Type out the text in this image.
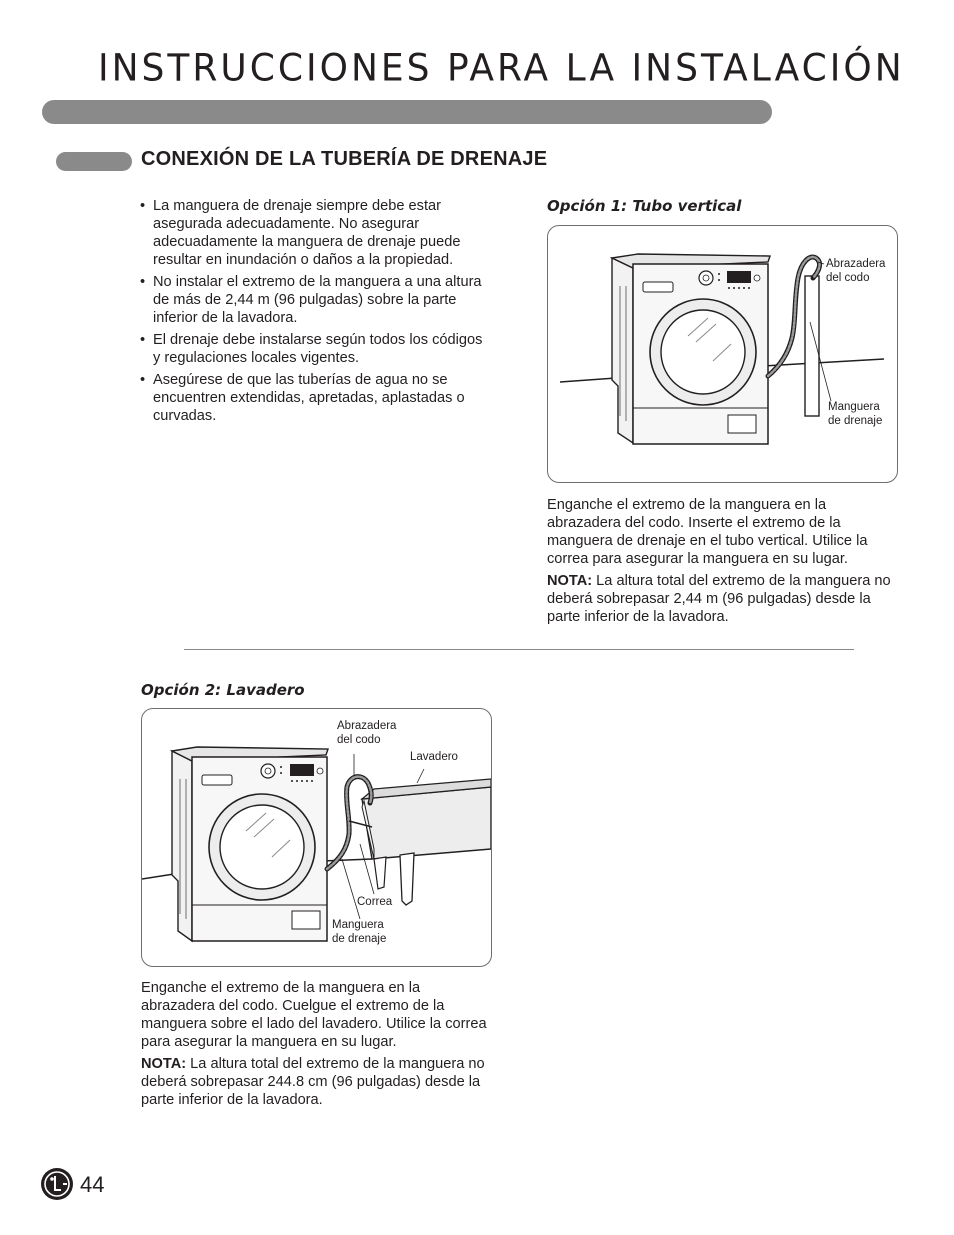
INSTRUCCIONES PARA LA INSTALACIÓN
CONEXIÓN DE LA TUBERÍA DE DRENAJE
• La manguera de drenaje siempre debe estar asegurada adecuadamente. No asegurar adecuadamente la manguera de drenaje puede resultar en inundación o daños a la propiedad.
• No instalar el extremo de la manguera a una altura de más de 2,44 m (96 pulgadas) sobre la parte inferior de la lavadora.
• El drenaje debe instalarse según todos los códigos y regulaciones locales vigentes.
• Asegúrese de que las tuberías de agua no se encuentren extendidas, apretadas, aplastadas o curvadas.
Opción 1: Tubo vertical
Abrazadera
del codo
Manguera
de drenaje

Enganche el extremo de la manguera en la abrazadera del codo. Inserte el extremo de la manguera de drenaje en el tubo vertical. Utilice la correa para asegurar la manguera en su lugar.

NOTA: La altura total del extremo de la manguera no deberá sobrepasar 2,44 m (96 pulgadas) desde la parte inferior de la lavadora.

Opción 2: Lavadero
Abrazadera
del codo
Lavadero
Correa
Manguera
de drenaje

Enganche el extremo de la manguera en la abrazadera del codo. Cuelgue el extremo de la manguera sobre el lado del lavadero. Utilice la correa para asegurar la manguera en su lugar.

NOTA: La altura total del extremo de la manguera no deberá sobrepasar 244.8 cm (96 pulgadas) desde la parte inferior de la lavadora.

44
